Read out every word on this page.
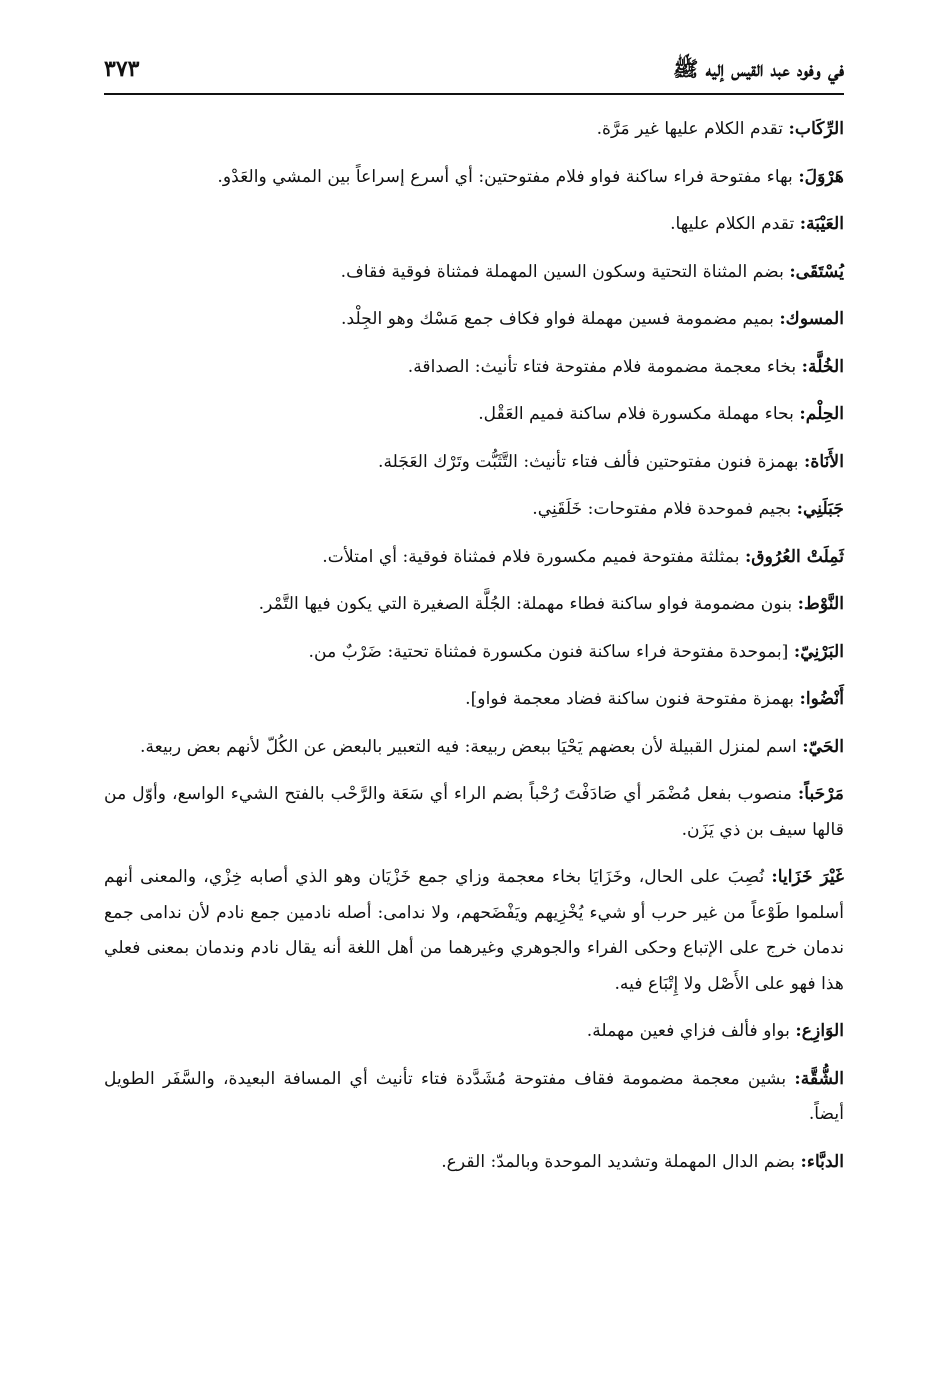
في وفود عبد القيس إليه ﷺ
٣٧٣

الرِّكَاب: تقدم الكلام عليها غير مَرَّة.

هَرْوَلَ: بهاء مفتوحة فراء ساكنة فواو فلام مفتوحتين: أي أسرع إسراعاً بين المشي والعَدْو.

العَيْبَة: تقدم الكلام عليها.

يُسْتَقَى: بضم المثناة التحتية وسكون السين المهملة فمثناة فوقية فقاف.

المسوك: بميم مضمومة فسين مهملة فواو فكاف جمع مَسْك وهو الجِلْد.

الخُلَّة: بخاء معجمة مضمومة فلام مفتوحة فتاء تأنيث: الصداقة.

الحِلْم: بحاء مهملة مكسورة فلام ساكنة فميم العَقْل.

الأَنَاة: بهمزة فنون مفتوحتين فألف فتاء تأنيث: التَّثَبُّت وتَرْك العَجَلة.

جَبَلَنِي: بجيم فموحدة فلام مفتوحات: خَلَقَنِي.

ثَمِلَتْ العُرُوق: بمثلثة مفتوحة فميم مكسورة فلام فمثناة فوقية: أي امتلأت.

النَّوْط: بنون مضمومة فواو ساكنة فطاء مهملة: الجُلَّة الصغيرة التي يكون فيها التَّمْر.

البَرْنِيّ: [بموحدة مفتوحة فراء ساكنة فنون مكسورة فمثناة تحتية: ضَرْبٌ من.

أَنْضُوا: بهمزة مفتوحة فنون ساكنة فضاد معجمة فواو].

الحَيّ: اسم لمنزل القبيلة لأن بعضهم يَحْيَا ببعض ربيعة: فيه التعبير بالبعض عن الكُلّ لأنهم بعض ربيعة.

مَرْحَباً: منصوب بفعل مُضْمَر أي صَادَفْتَ رُحْباً بضم الراء أي سَعَة والرَّحْب بالفتح الشيء الواسع، وأوّل من قالها سيف بن ذي يَزَن.

غَيْرَ خَزَايا: نُصِبَ على الحال، وخَزَايَا بخاء معجمة وزاي جمع خَزْيَان وهو الذي أصابه خِزْي، والمعنى أنهم أسلموا طَوْعاً من غير حرب أو شيء يُخْزِيهم ويَفْضَحهم، ولا ندامى: أصله نادمين جمع نادم لأن ندامى جمع ندمان خرج على الإتباع وحكى الفراء والجوهري وغيرهما من أهل اللغة أنه يقال نادم وندمان بمعنى فعلي هذا فهو على الأَصْل ولا إِتْبَاع فيه.

الوَازِع: بواو فألف فزاي فعين مهملة.

الشُّقَّة: بشين معجمة مضمومة فقاف مفتوحة مُشَدَّدة فتاء تأنيث أي المسافة البعيدة، والسَّفَر الطويل أيضاً.

الدبَّاء: بضم الدال المهملة وتشديد الموحدة وبالمدّ: القرع.
